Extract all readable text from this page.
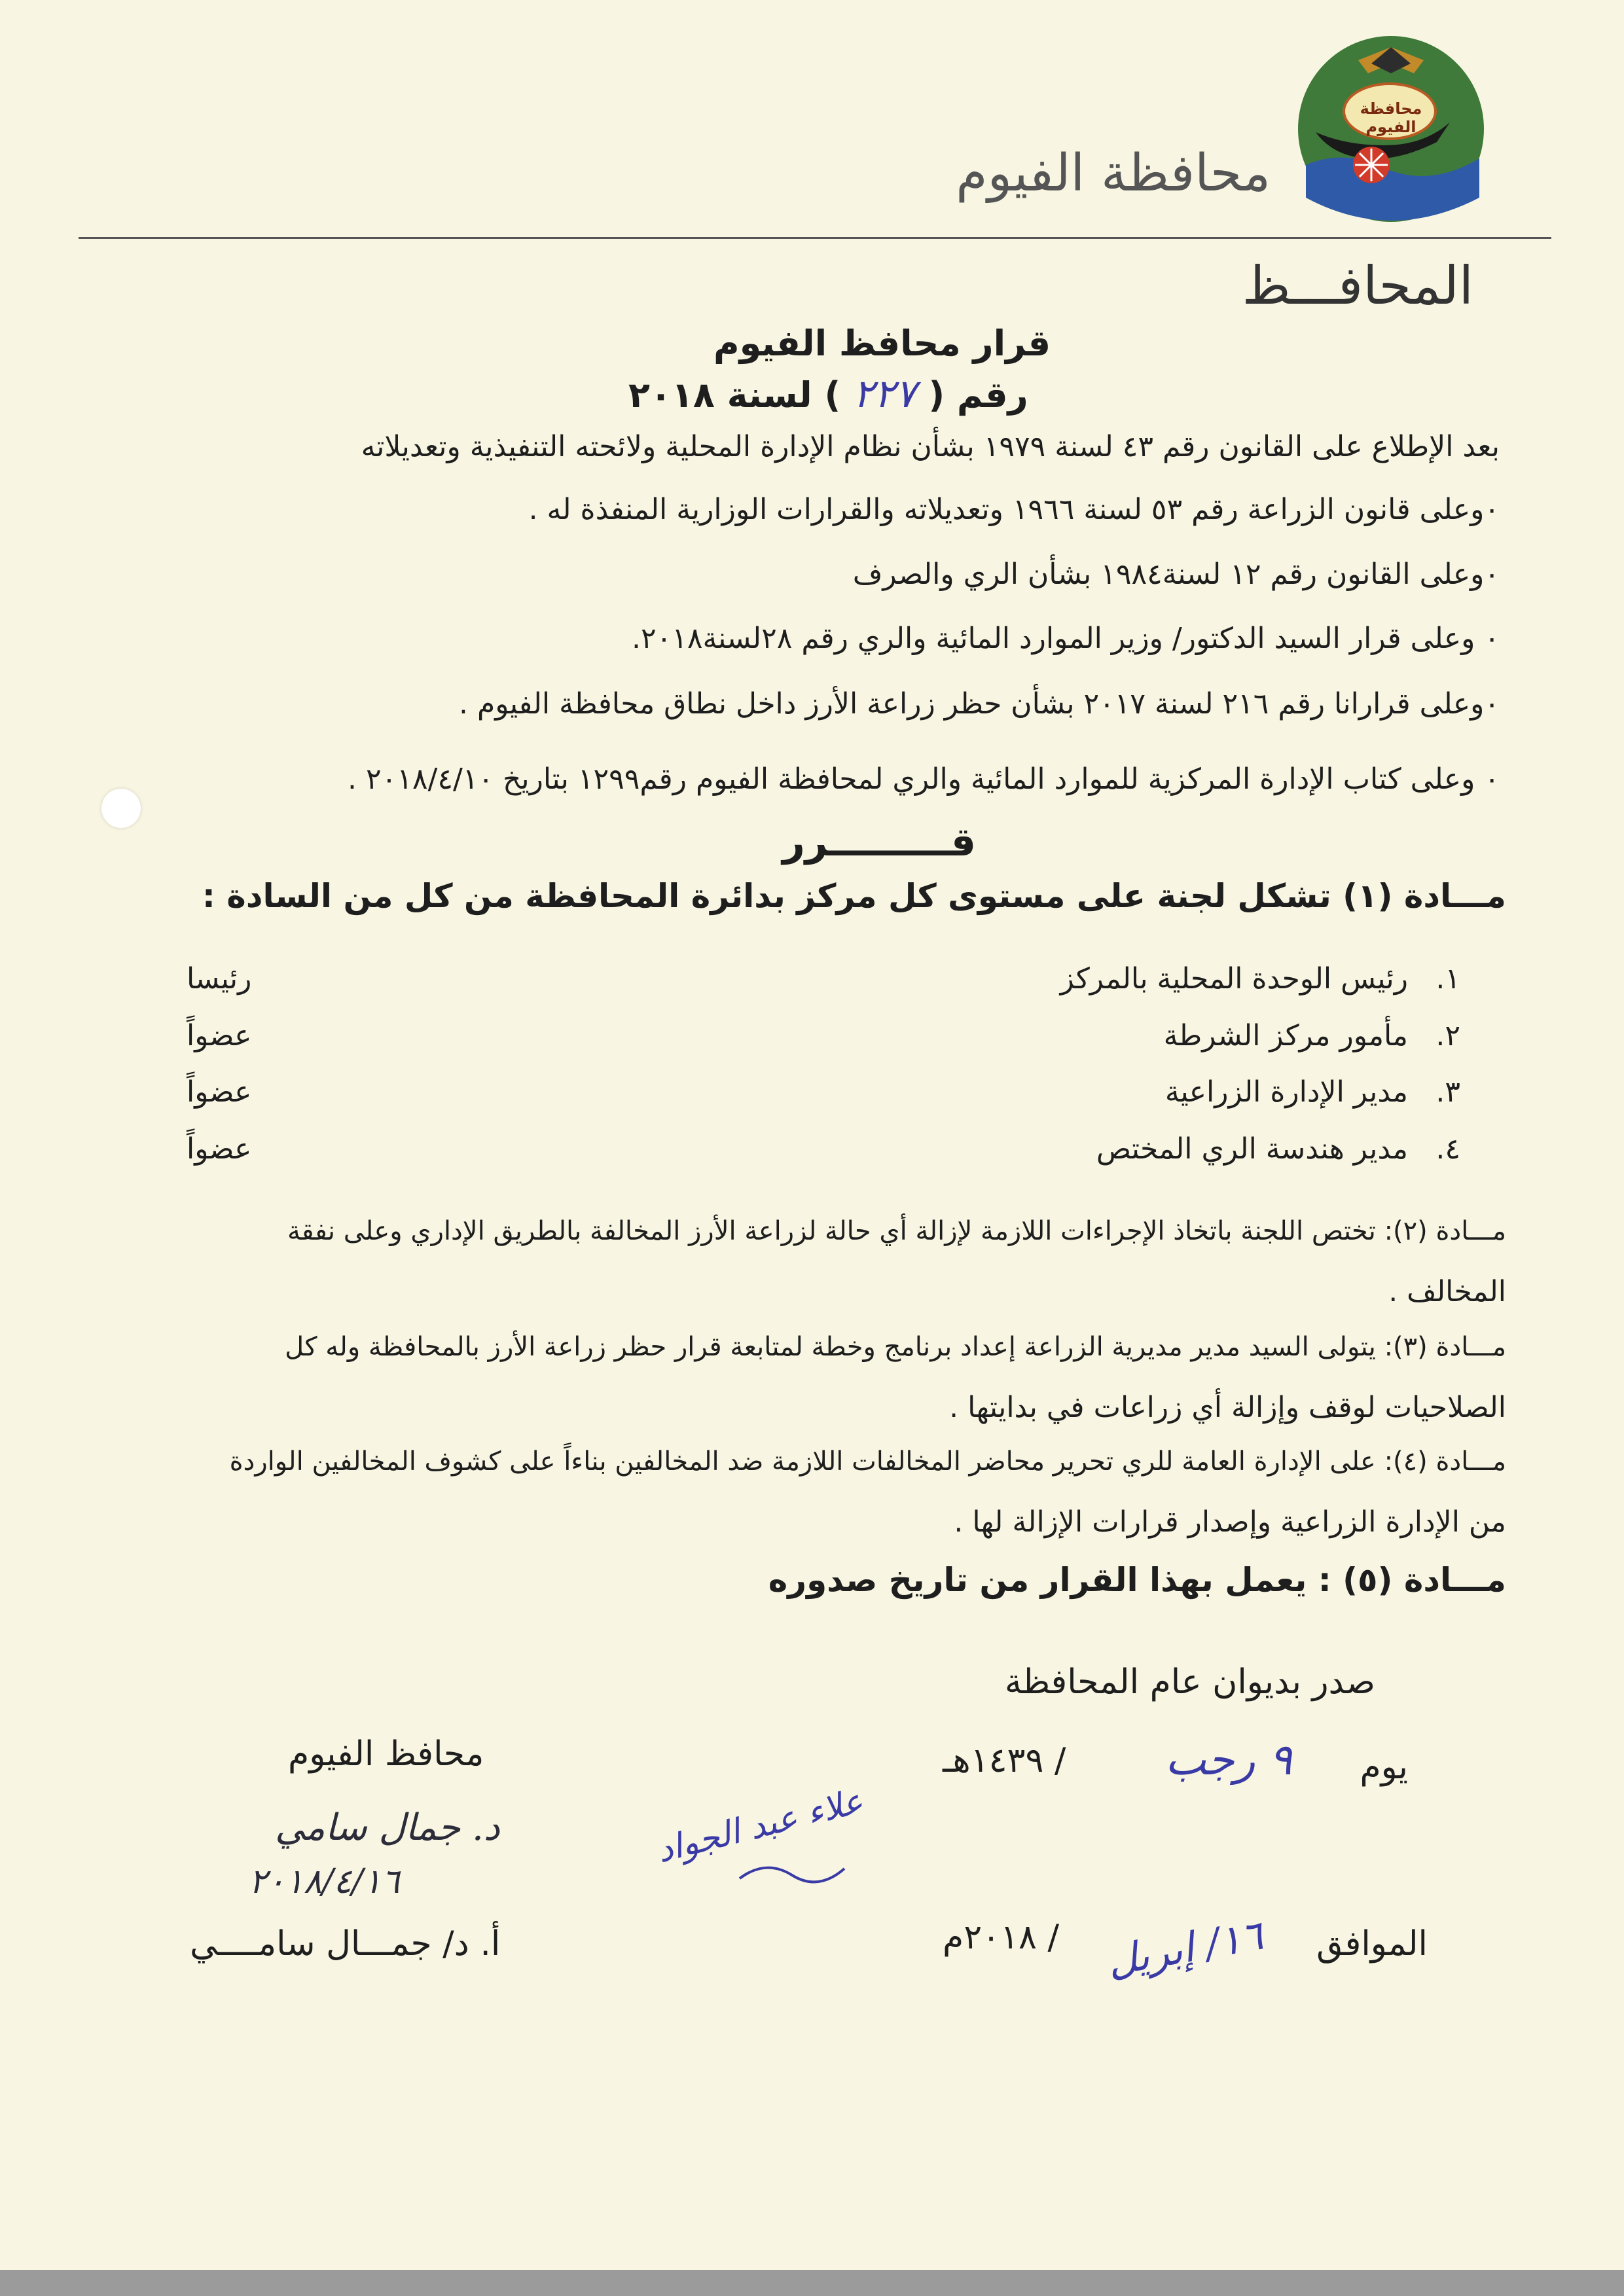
محافظة الفيوم
محافظة الفيوم
المحافـــظ
قرار محافظ الفيوم
رقم ( ٢٢٧ ) لسنة ٢٠١٨
بعد الإطلاع على القانون رقم ٤٣ لسنة ١٩٧٩ بشأن نظام الإدارة المحلية ولائحته التنفيذية وتعديلاته
٠وعلى قانون الزراعة رقم ٥٣ لسنة ١٩٦٦ وتعديلاته والقرارات الوزارية المنفذة له .
٠وعلى القانون رقم ١٢ لسنة١٩٨٤ بشأن الري والصرف
٠ وعلى قرار السيد الدكتور/ وزير الموارد المائية والري رقم ٢٨لسنة٢٠١٨.
٠وعلى قرارانا رقم ٢١٦ لسنة ٢٠١٧ بشأن حظر زراعة الأرز داخل نطاق محافظة الفيوم .
٠ وعلى كتاب الإدارة المركزية للموارد المائية والري لمحافظة الفيوم رقم١٢٩٩ بتاريخ ٢٠١٨/٤/١٠ .
قـــــــــرر
مـــادة (١) تشكل لجنة على مستوى كل مركز بدائرة المحافظة من كل من السادة :
١.
رئيس الوحدة المحلية بالمركز
رئيسا
٢.
مأمور مركز الشرطة
عضواً
٣.
مدير الإدارة الزراعية
عضواً
٤.
مدير هندسة الري المختص
عضواً
مـــادة (٢): تختص اللجنة باتخاذ الإجراءات اللازمة لإزالة أي حالة لزراعة الأرز المخالفة بالطريق الإداري وعلى نفقة
المخالف .
مـــادة (٣): يتولى السيد مدير مديرية الزراعة إعداد برنامج وخطة لمتابعة قرار حظر زراعة الأرز بالمحافظة وله كل
الصلاحيات لوقف وإزالة أي زراعات في بدايتها .
مـــادة (٤): على الإدارة العامة للري تحرير محاضر المخالفات اللازمة ضد المخالفين بناءاً على كشوف المخالفين الواردة
من الإدارة الزراعية وإصدار قرارات الإزالة لها .
مـــادة (٥) : يعمل بهذا القرار من تاريخ صدوره
صدر بديوان عام المحافظة
يوم
٩ رجب
/ ١٤٣٩هـ
الموافق
١٦/ إبريل
/ ٢٠١٨م
علاء عبد الجواد
محافظ الفيوم
د. جمال سامي
٢٠١٨/٤/١٦
أ. د/ جمـــال سامــــي
